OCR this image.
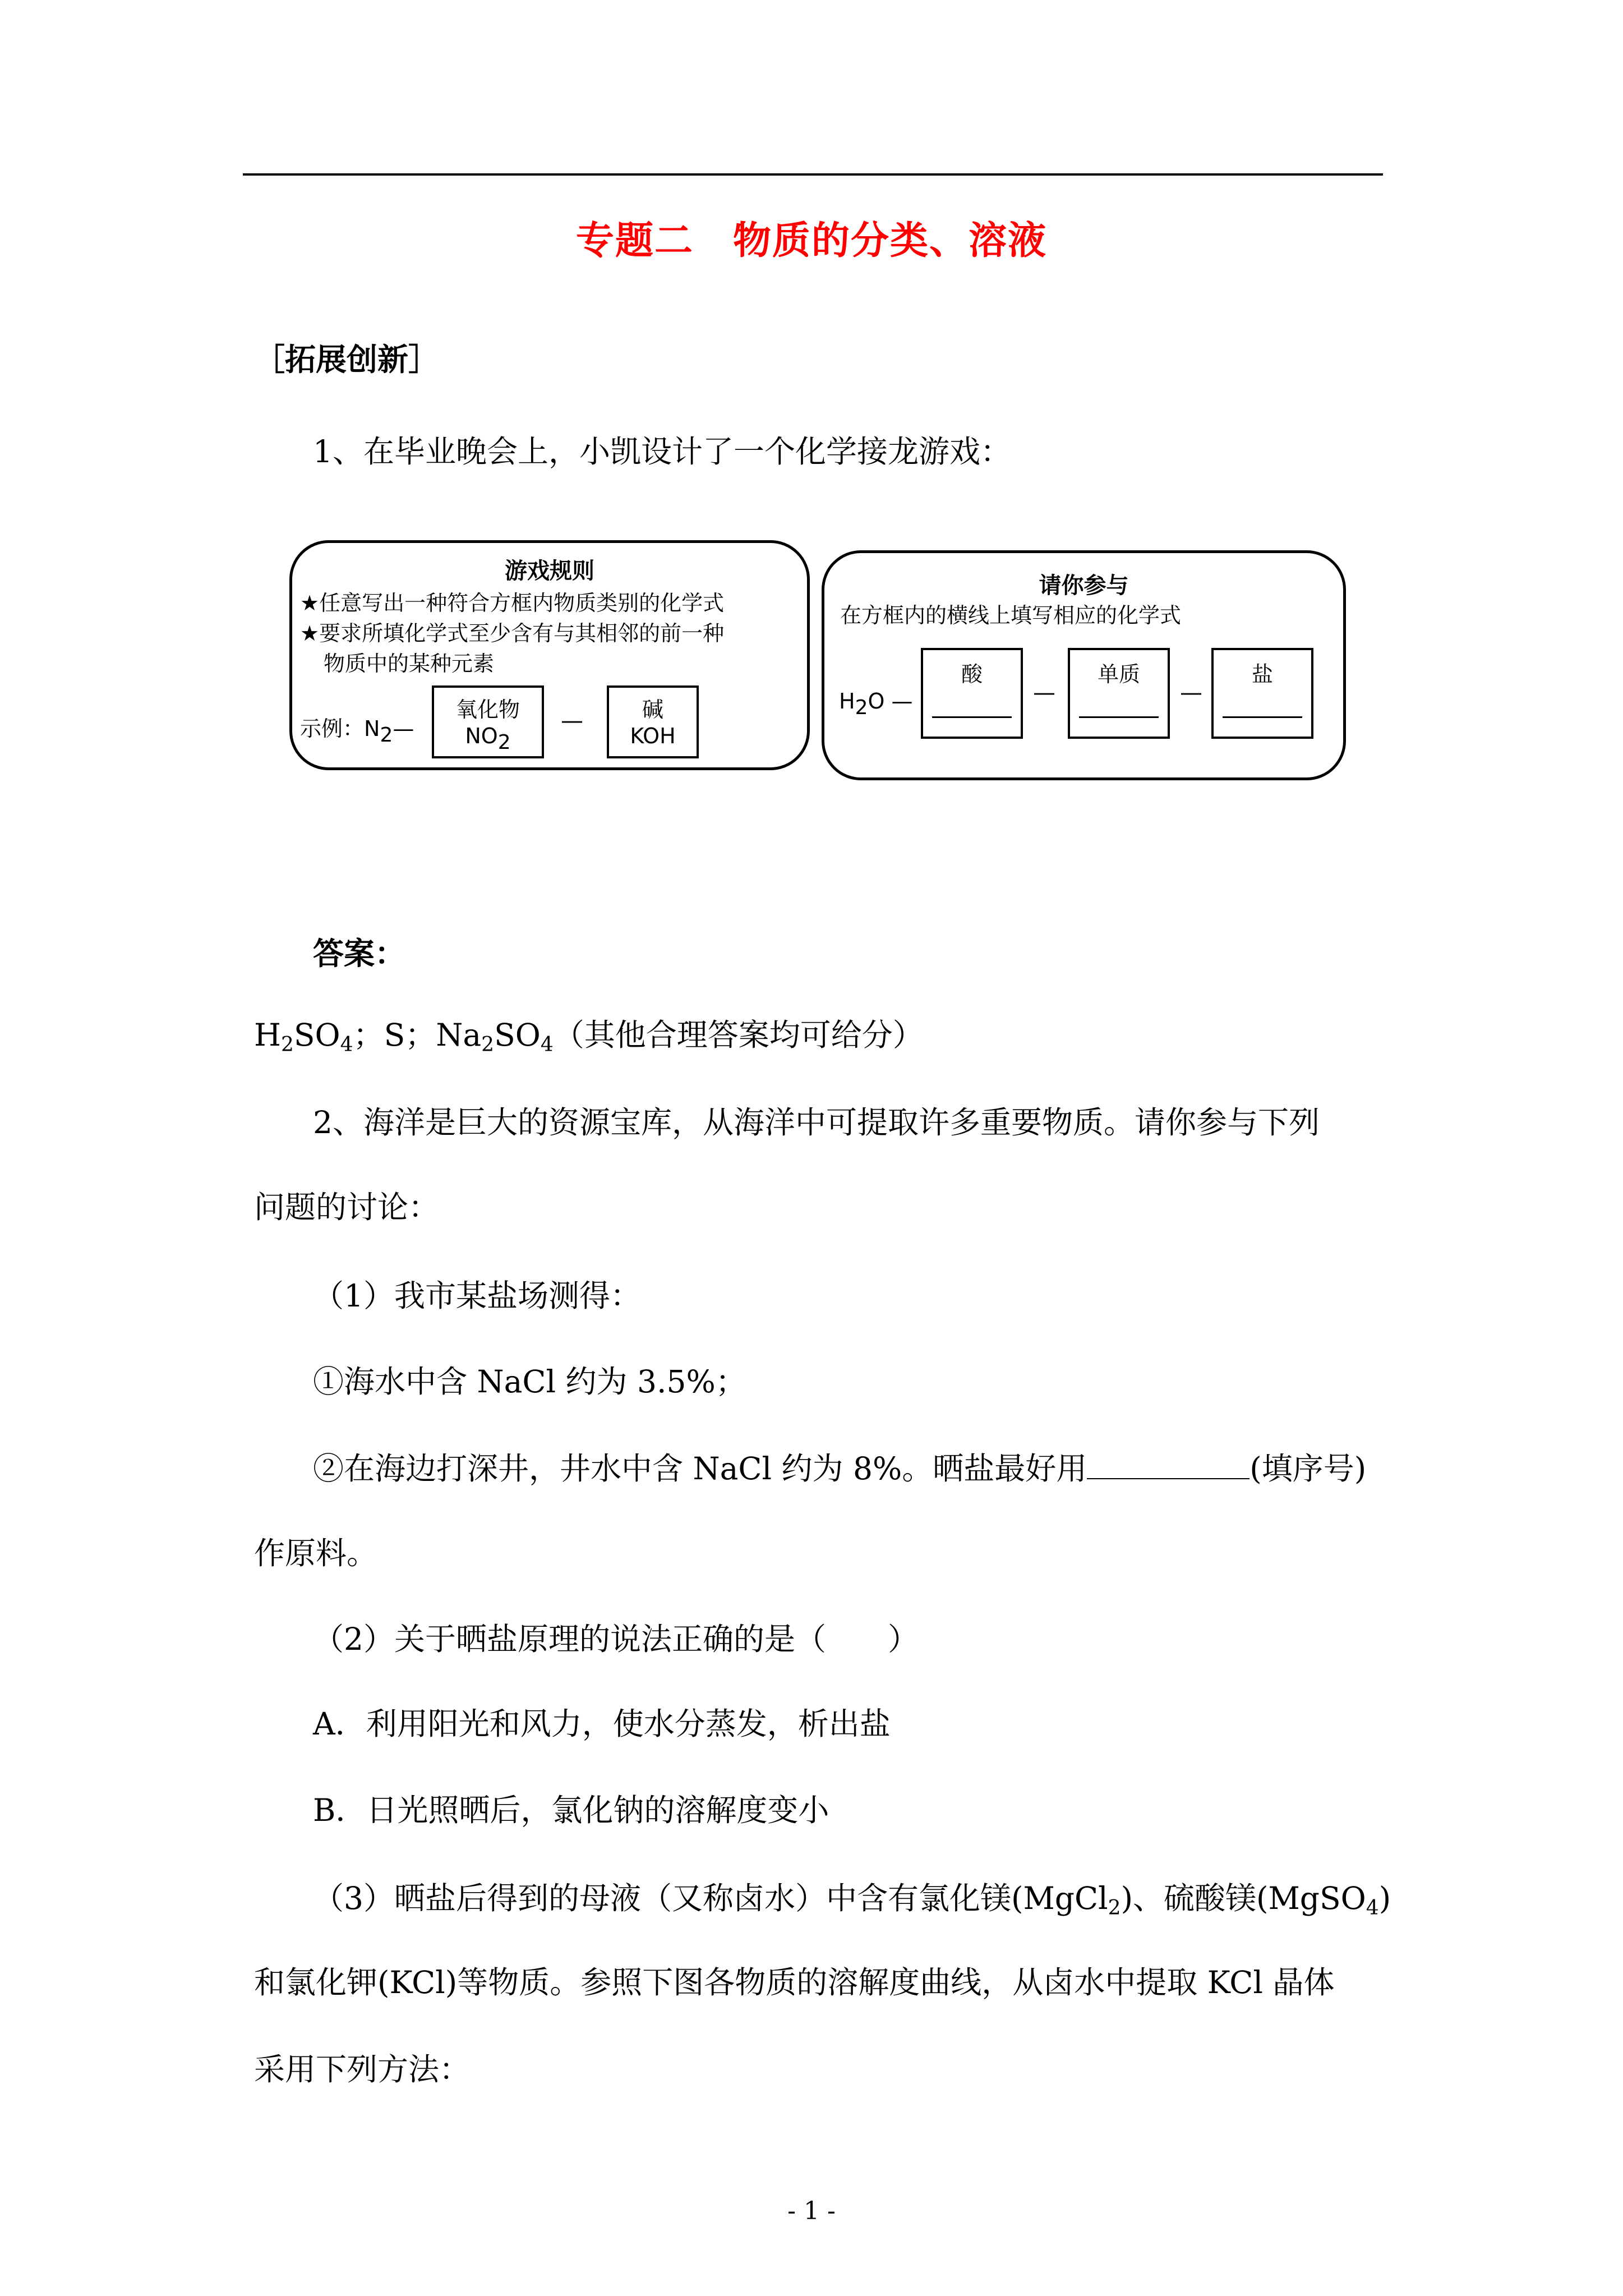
专题二　物质的分类、溶液
［拓展创新］
1、在毕业晚会上，小凯设计了一个化学接龙游戏：
游戏规则
★任意写出一种符合方框内物质类别的化学式
★要求所填化学式至少含有与其相邻的前一种
物质中的某种元素
示例：$N_2—$
氧化物
$NO_2$
—	碱
KOH
请你参与
在方框内的横线上填写相应的化学式
$H_2O$ —
酸
—
单质
—
盐
答案：
$H_2SO_4$；S；$Na_2SO_4$（其他合理答案均可给分）
2、海洋是巨大的资源宝库，从海洋中可提取许多重要物质。请你参与下列
问题的讨论：
（1）我市某盐场测得：
①海水中含 NaCl 约为 3.5%；
②在海边打深井，井水中含 NaCl 约为 8%。晒盐最好用	(填序号)
作原料。
（2）关于晒盐原理的说法正确的是（　　）
A．利用阳光和风力，使水分蒸发，析出盐
B．日光照晒后，氯化钠的溶解度变小
（3）晒盐后得到的母液（又称卤水）中含有氯化镁(MgCl$_2$)、硫酸镁(MgSO$_4$)
和氯化钾(KCl)等物质。参照下图各物质的溶解度曲线，从卤水中提取 KCl 晶体
采用下列方法：
- 1 -
